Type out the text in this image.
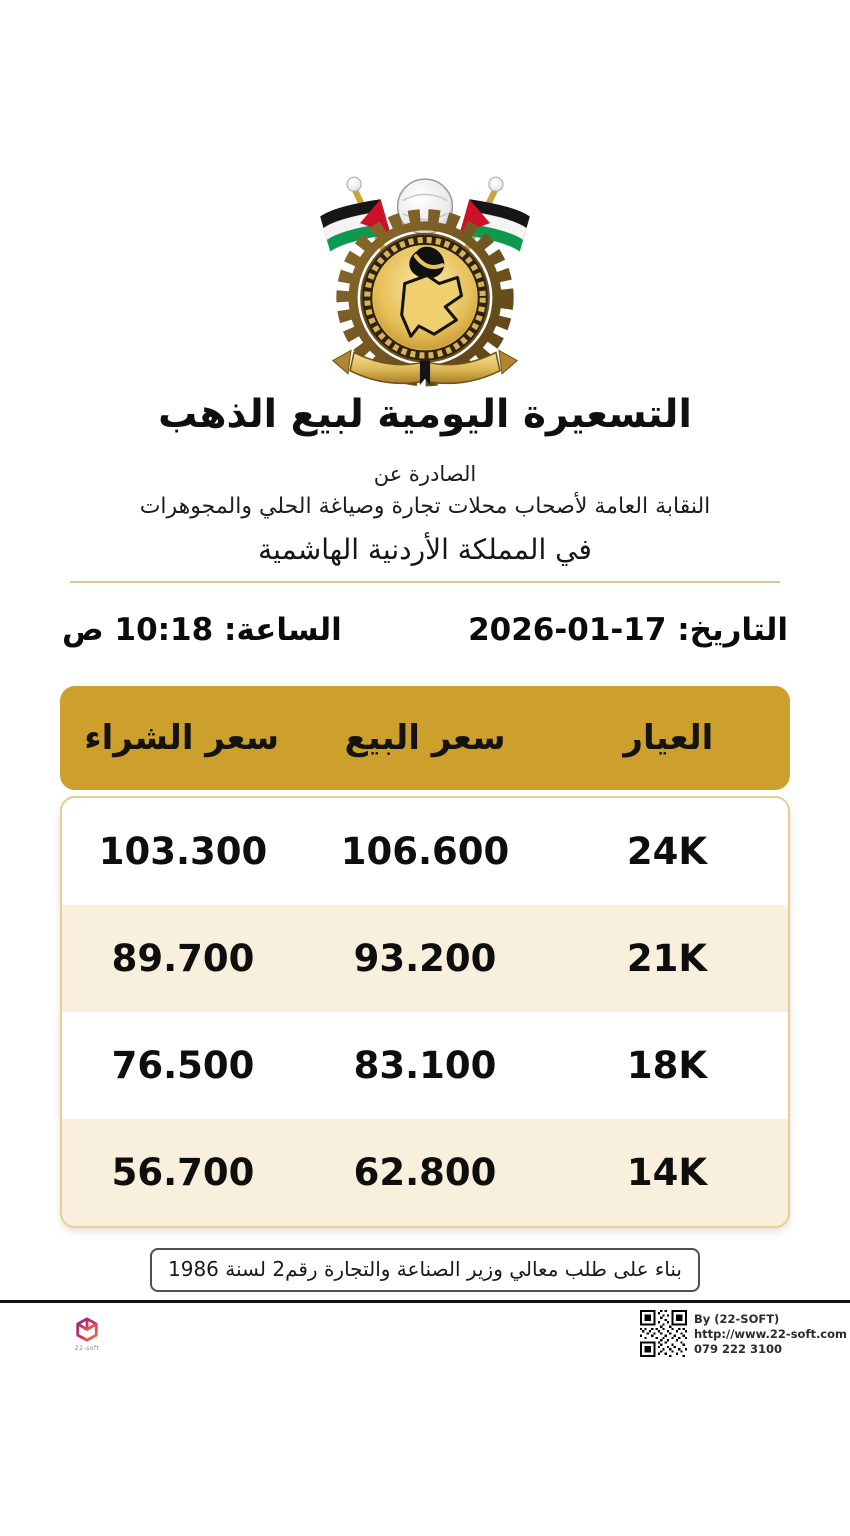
التسعيرة اليومية لبيع الذهب
الصادرة عن
النقابة العامة لأصحاب محلات تجارة وصياغة الحلي والمجوهرات
في المملكة الأردنية الهاشمية
التاريخ: 17-01-2026
الساعة: 10:18 ص
العيار
سعر البيع
سعر الشراء
24K
106.600
103.300
21K
93.200
89.700
18K
83.100
76.500
14K
62.800
56.700
بناء على طلب معالي وزير الصناعة والتجارة رقم2 لسنة 1986
22-soft
By (22-SOFT)
http://www.22-soft.com
079 222 3100
